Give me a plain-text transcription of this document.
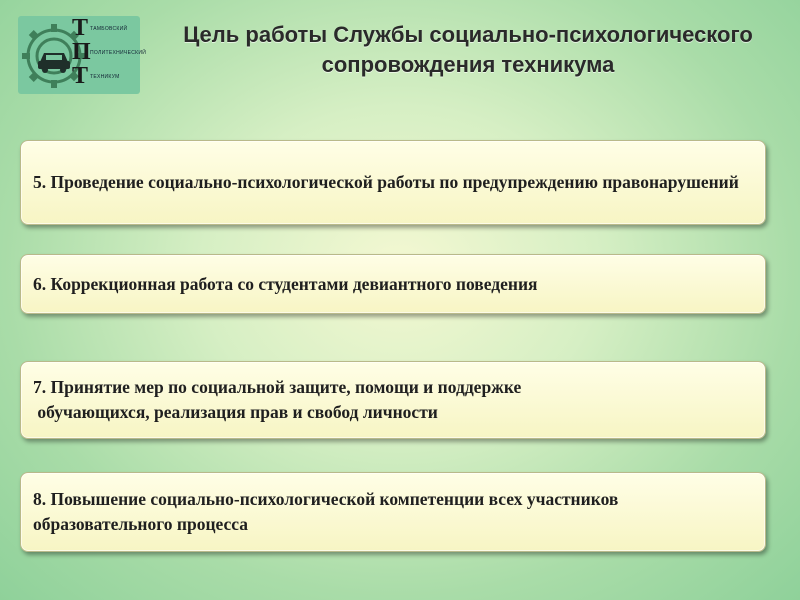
Т
П
Т
ТАМБОВСКИЙ
ПОЛИТЕХНИЧЕСКИЙ
ТЕХНИКУМ
Цель работы Службы социально-психологического сопровождения техникума
5. Проведение социально-психологической работы по предупреждению правонарушений
6. Коррекционная работа со студентами девиантного поведения
7. Принятие мер по социальной защите, помощи и поддержке
обучающихся, реализация прав и свобод личности
8. Повышение социально-психологической компетенции всех участников образовательного процесса
